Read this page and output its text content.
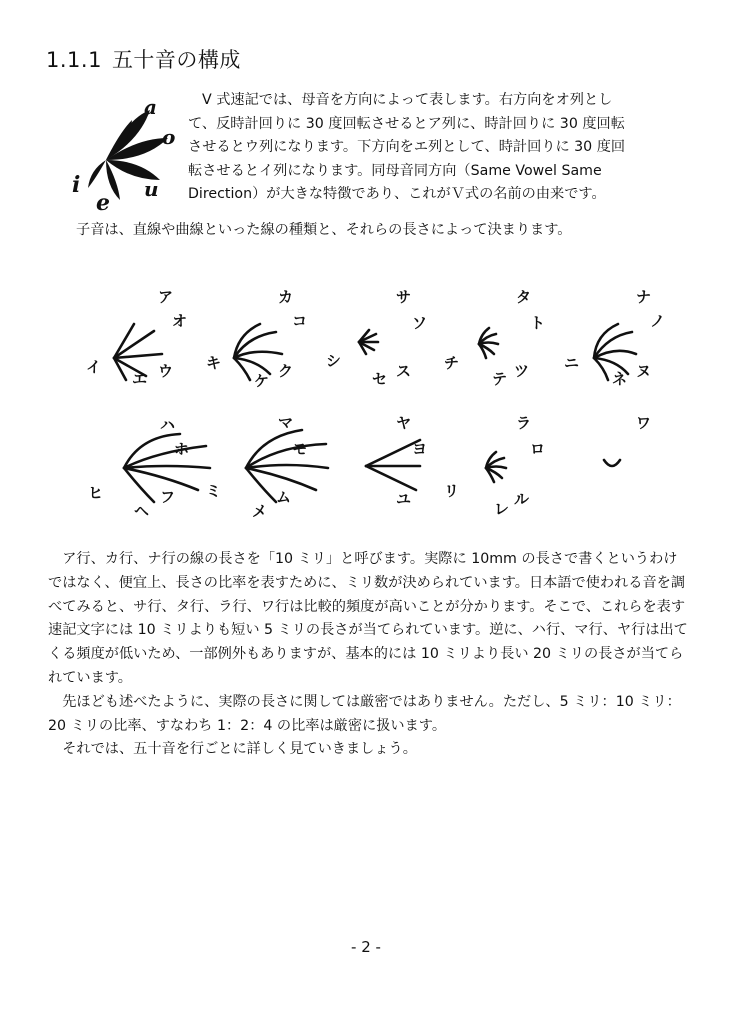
1.1.1 五十音の構成
a
o
i
e
u
V 式速記では、母音を方向によって表します。右方向をオ列とし
て、反時計回りに 30 度回転させるとア列に、時計回りに 30 度回転
させるとウ列になります。下方向をエ列として、時計回りに 30 度回
転させるとイ列になります。同母音同方向（Same Vowel Same
Direction）が大きな特徴であり、これがＶ式の名前の由来です。
子音は、直線や曲線といった線の種類と、それらの長さによって決まります。
ア
オ
イ
エ ウ
カ
コ
キ
ケ
ク
サ
ソ
シ
セ ス
タ
ト
チ
テ ツ
ナ
ノ
ニ
ネ ヌ
ハ
ホ
ヒ
ヘ
フ
マ
モ
ミ
メ
ム
ヤ
ヨ
ユ
ラ
ロ
リ
レ
ル
ワ

ア行、カ行、ナ行の線の長さを「10 ミリ」と呼びます。実際に 10mm の長さで書くというわけではなく、便宜上、長さの比率を表すために、ミリ数が決められています。日本語で使われる音を調べてみると、サ行、タ行、ラ行、ワ行は比較的頻度が高いことが分かります。そこで、これらを表す速記文字には 10 ミリよりも短い 5 ミリの長さが当てられています。逆に、ハ行、マ行、ヤ行は出てくる頻度が低いため、一部例外もありますが、基本的には 10 ミリより長い 20 ミリの長さが当てられています。

先ほども述べたように、実際の長さに関しては厳密ではありません。ただし、5 ミリ：10 ミリ：20 ミリの比率、すなわち 1：2：4 の比率は厳密に扱います。

それでは、五十音を行ごとに詳しく見ていきましょう。

- 2 -
